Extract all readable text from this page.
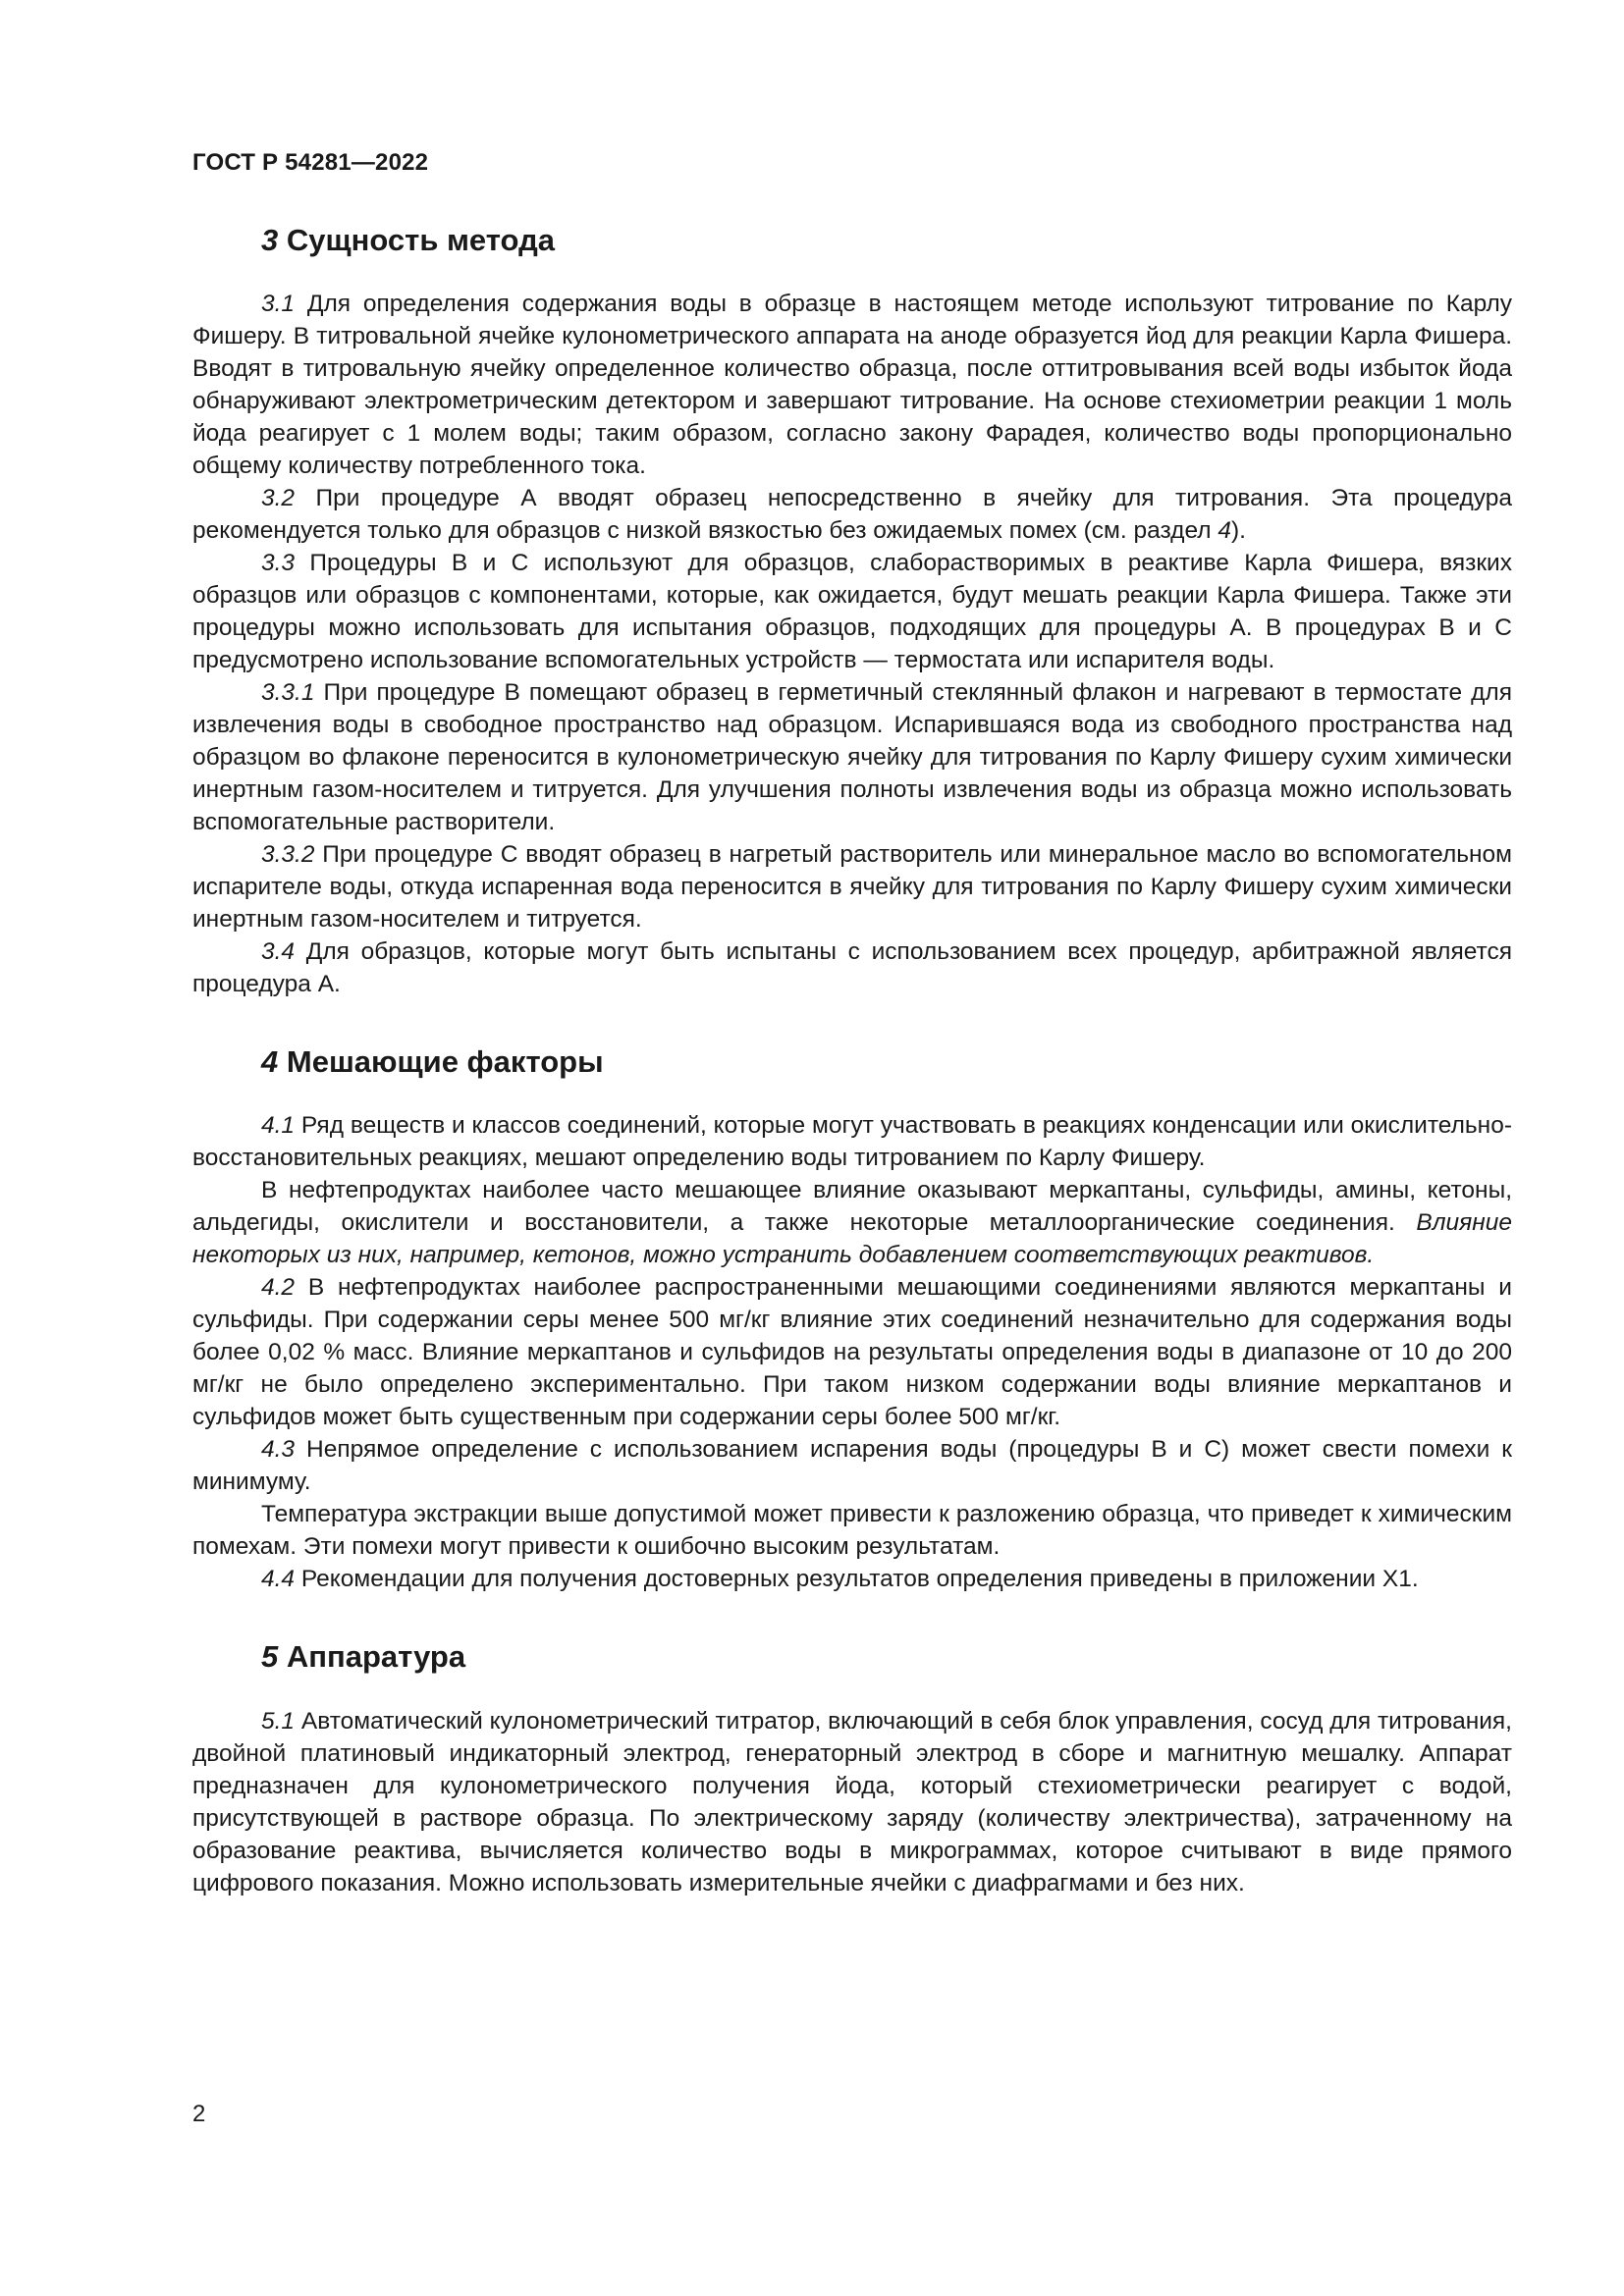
ГОСТ Р 54281—2022
3 Сущность метода

3.1 Для определения содержания воды в образце в настоящем методе используют титрование по Карлу Фишеру. В титровальной ячейке кулонометрического аппарата на аноде образуется йод для реакции Карла Фишера. Вводят в титровальную ячейку определенное количество образца, после оттитровывания всей воды избыток йода обнаруживают электрометрическим детектором и завершают титрование. На основе стехиометрии реакции 1 моль йода реагирует с 1 молем воды; таким образом, согласно закону Фарадея, количество воды пропорционально общему количеству потребленного тока.

3.2 При процедуре А вводят образец непосредственно в ячейку для титрования. Эта процедура рекомендуется только для образцов с низкой вязкостью без ожидаемых помех (см. раздел 4).

3.3 Процедуры В и С используют для образцов, слаборастворимых в реактиве Карла Фишера, вязких образцов или образцов с компонентами, которые, как ожидается, будут мешать реакции Карла Фишера. Также эти процедуры можно использовать для испытания образцов, подходящих для процедуры А. В процедурах В и С предусмотрено использование вспомогательных устройств — термостата или испарителя воды.

3.3.1 При процедуре В помещают образец в герметичный стеклянный флакон и нагревают в термостате для извлечения воды в свободное пространство над образцом. Испарившаяся вода из свободного пространства над образцом во флаконе переносится в кулонометрическую ячейку для титрования по Карлу Фишеру сухим химически инертным газом-носителем и титруется. Для улучшения полноты извлечения воды из образца можно использовать вспомогательные растворители.

3.3.2 При процедуре С вводят образец в нагретый растворитель или минеральное масло во вспомогательном испарителе воды, откуда испаренная вода переносится в ячейку для титрования по Карлу Фишеру сухим химически инертным газом-носителем и титруется.

3.4 Для образцов, которые могут быть испытаны с использованием всех процедур, арбитражной является процедура А.

4 Мешающие факторы

4.1 Ряд веществ и классов соединений, которые могут участвовать в реакциях конденсации или окислительно-восстановительных реакциях, мешают определению воды титрованием по Карлу Фишеру.

В нефтепродуктах наиболее часто мешающее влияние оказывают меркаптаны, сульфиды, амины, кетоны, альдегиды, окислители и восстановители, а также некоторые металлоорганические соединения. Влияние некоторых из них, например, кетонов, можно устранить добавлением соответствующих реактивов.

4.2 В нефтепродуктах наиболее распространенными мешающими соединениями являются меркаптаны и сульфиды. При содержании серы менее 500 мг/кг влияние этих соединений незначительно для содержания воды более 0,02 % масс. Влияние меркаптанов и сульфидов на результаты определения воды в диапазоне от 10 до 200 мг/кг не было определено экспериментально. При таком низком содержании воды влияние меркаптанов и сульфидов может быть существенным при содержании серы более 500 мг/кг.

4.3 Непрямое определение с использованием испарения воды (процедуры В и С) может свести помехи к минимуму.

Температура экстракции выше допустимой может привести к разложению образца, что приведет к химическим помехам. Эти помехи могут привести к ошибочно высоким результатам.

4.4 Рекомендации для получения достоверных результатов определения приведены в приложении Х1.

5 Аппаратура

5.1 Автоматический кулонометрический титратор, включающий в себя блок управления, сосуд для титрования, двойной платиновый индикаторный электрод, генераторный электрод в сборе и магнитную мешалку. Аппарат предназначен для кулонометрического получения йода, который стехиометрически реагирует с водой, присутствующей в растворе образца. По электрическому заряду (количеству электричества), затраченному на образование реактива, вычисляется количество воды в микрограммах, которое считывают в виде прямого цифрового показания. Можно использовать измерительные ячейки с диафрагмами и без них.

2
